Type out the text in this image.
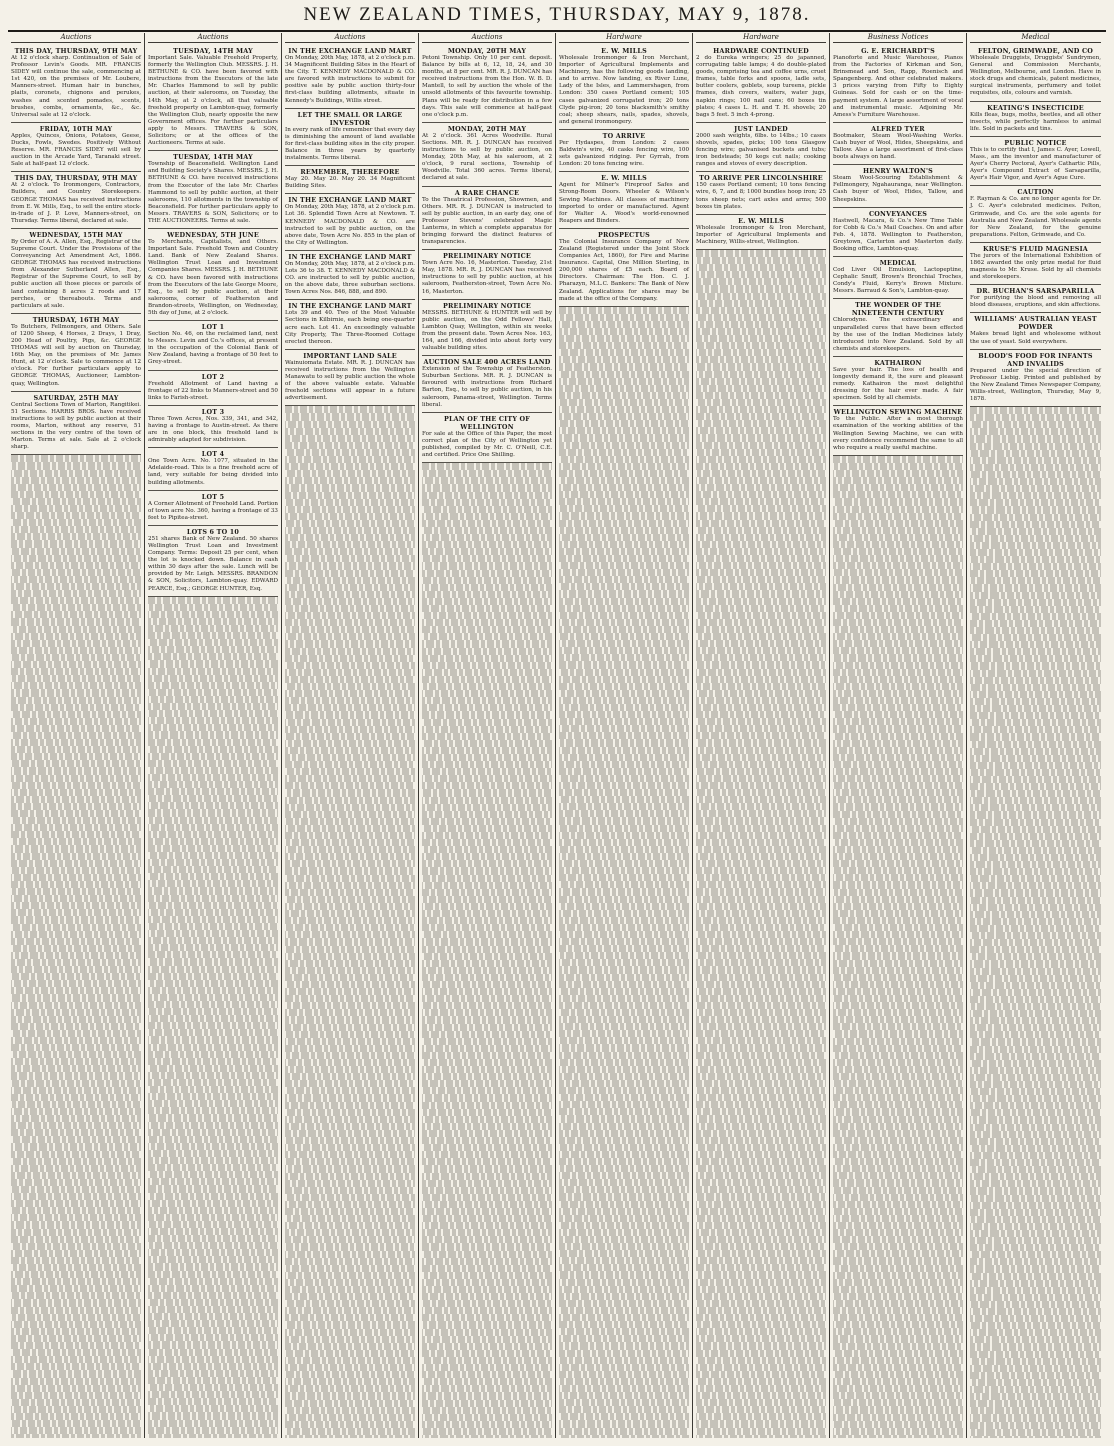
NEW ZEALAND TIMES, THURSDAY, MAY 9, 1878.
Auctions
THIS DAY, THURSDAY, 9TH MAY
At 12 o'clock sharp. Continuation of Sale of Professor Levin's Goods. MR. FRANCIS SIDEY will continue the sale, commencing at 1st 420, on the premises of Mr. Loubere, Manners-street. Human hair in bunches, plaits, coronets, chignons and perukes, washes and scented pomades, scents, brushes, combs, ornaments, &c., &c. Universal sale at 12 o'clock.
FRIDAY, 10TH MAY
Apples, Quinces, Onions, Potatoes, Geese, Ducks, Fowls, Swedes. Positively Without Reserve. MR. FRANCIS SIDEY will sell by auction in the Arcade Yard, Taranaki street. Sale at half-past 12 o'clock.
THIS DAY, THURSDAY, 9TH MAY
At 2 o'clock. To Ironmongers, Contractors, Builders, and Country Storekeepers. GEORGE THOMAS has received instructions from E. W. Mills, Esq., to sell the entire stock-in-trade of J. P. Love, Manners-street, on Thursday. Terms liberal, declared at sale.
WEDNESDAY, 15TH MAY
By Order of A. A. Allen, Esq., Registrar of the Supreme Court. Under the Provisions of the Conveyancing Act Amendment Act, 1866. GEORGE THOMAS has received instructions from Alexander Sutherland Allen, Esq., Registrar of the Supreme Court, to sell by public auction all those pieces or parcels of land containing 8 acres 2 roods and 17 perches, or thereabouts. Terms and particulars at sale.
THURSDAY, 16TH MAY
To Butchers, Fellmongers, and Others. Sale of 1200 Sheep, 4 Horses, 2 Drays, 1 Dray, 200 Head of Poultry, Pigs, &c. GEORGE THOMAS will sell by auction on Thursday, 16th May, on the premises of Mr. James Hunt, at 12 o'clock. Sale to commence at 12 o'clock. For further particulars apply to GEORGE THOMAS, Auctioneer, Lambton-quay, Wellington.
SATURDAY, 25TH MAY
Central Sections Town of Marton, Rangitikei. 51 Sections. HARRIS BROS. have received instructions to sell by public auction at their rooms, Marton, without any reserve, 51 sections in the very centre of the town of Marton. Terms at sale. Sale at 2 o'clock sharp.
Auctions
TUESDAY, 14TH MAY
Important Sale. Valuable Freehold Property, formerly the Wellington Club. MESSRS. J. H. BETHUNE & CO. have been favored with instructions from the Executors of the late Mr. Charles Hammond to sell by public auction, at their salerooms, on Tuesday, the 14th May, at 2 o'clock, all that valuable freehold property on Lambton-quay, formerly the Wellington Club, nearly opposite the new Government offices. For further particulars apply to Messrs. TRAVERS & SON, Solicitors; or at the offices of the Auctioneers. Terms at sale.
TUESDAY, 14TH MAY
Township of Beaconsfield. Wellington Land and Building Society's Shares. MESSRS. J. H. BETHUNE & CO. have received instructions from the Executor of the late Mr. Charles Hammond to sell by public auction, at their salerooms, 110 allotments in the township of Beaconsfield. For further particulars apply to Messrs. TRAVERS & SON, Solicitors; or to THE AUCTIONEERS. Terms at sale.
WEDNESDAY, 5TH JUNE
To Merchants, Capitalists, and Others. Important Sale. Freehold Town and Country Land. Bank of New Zealand Shares. Wellington Trust Loan and Investment Companies Shares. MESSRS. J. H. BETHUNE & CO. have been favored with instructions from the Executors of the late George Moore, Esq., to sell by public auction, at their salerooms, corner of Featherston and Brandon-streets, Wellington, on Wednesday, 5th day of June, at 2 o'clock.
LOT 1
Section No. 46, on the reclaimed land, next to Messrs. Levin and Co.'s offices, at present in the occupation of the Colonial Bank of New Zealand, having a frontage of 50 feet to Grey-street.
LOT 2
Freehold Allotment of Land having a frontage of 22 links to Manners-street and 50 links to Farish-street.
LOT 3
Three Town Acres, Nos. 339, 341, and 342, having a frontage to Austin-street. As there are in one block, this freehold land is admirably adapted for subdivision.
LOT 4
One Town Acre. No. 1077, situated in the Adelaide-road. This is a fine freehold acre of land, very suitable for being divided into building allotments.
LOT 5
A Corner Allotment of Freehold Land. Portion of town acre No. 360, having a frontage of 33 feet to Pipitea-street.
LOTS 6 TO 10
251 shares Bank of New Zealand. 50 shares Wellington Trust Loan and Investment Company. Terms: Deposit 25 per cent, when the lot is knocked down. Balance in cash within 30 days after the sale. Lunch will be provided by Mr. Leigh. MESSRS. BRANDON & SON, Solicitors, Lambton-quay. EDWARD PEARCE, Esq.; GEORGE HUNTER, Esq.
Auctions
IN THE EXCHANGE LAND MART
On Monday, 20th May, 1878, at 2 o'clock p.m. 34 Magnificent Building Sites in the Heart of the City. T. KENNEDY MACDONALD & CO. are favored with instructions to submit for positive sale by public auction thirty-four first-class building allotments, situate in Kennedy's Buildings, Willis street.
LET THE SMALL OR LARGE INVESTOR
In every rank of life remember that every day is diminishing the amount of land available for first-class building sites in the city proper. Balance in three years by quarterly instalments. Terms liberal.
REMEMBER, THEREFORE
May 20. May 20. May 20. 34 Magnificent Building Sites.
IN THE EXCHANGE LAND MART
On Monday, 20th May, 1878, at 2 o'clock p.m. Lot 36. Splendid Town Acre at Newtown. T. KENNEDY MACDONALD & CO. are instructed to sell by public auction, on the above date, Town Acre No. 855 in the plan of the City of Wellington.
IN THE EXCHANGE LAND MART
On Monday, 20th May, 1878, at 2 o'clock p.m. Lots 36 to 38. T. KENNEDY MACDONALD & CO. are instructed to sell by public auction, on the above date, three suburban sections. Town Acres Nos. 846, 888, and 890.
IN THE EXCHANGE LAND MART
Lots 39 and 40. Two of the Most Valuable Sections in Kilbirnie, each being one-quarter acre each. Lot 41. An exceedingly valuable City Property, The Three-Roomed Cottage erected thereon.
IMPORTANT LAND SALE
Wainuiomata Estate. MR. R. J. DUNCAN has received instructions from the Wellington Manawatu to sell by public auction the whole of the above valuable estate. Valuable freehold sections will appear in a future advertisement.
Auctions
MONDAY, 20TH MAY
Petoni Township. Only 10 per cent. deposit. Balance by bills at 6, 12, 18, 24, and 30 months, at 8 per cent. MR. R. J. DUNCAN has received instructions from the Hon. W. B. D. Mantell, to sell by auction the whole of the unsold allotments of this favourite township. Plans will be ready for distribution in a few days. This sale will commence at half-past one o'clock p.m.
MONDAY, 20TH MAY
At 2 o'clock. 361 Acres Woodville. Rural Sections. MR. R. J. DUNCAN has received instructions to sell by public auction, on Monday, 20th May, at his saleroom, at 2 o'clock, 9 rural sections, Township of Woodville. Total 360 acres. Terms liberal, declared at sale.
A RARE CHANCE
To the Theatrical Profession, Showmen, and Others. MR. R. J. DUNCAN is instructed to sell by public auction, in an early day, one of Professor Stevens' celebrated Magic Lanterns, in which a complete apparatus for bringing forward the distinct features of transparencies.
PRELIMINARY NOTICE
Town Acre No. 16, Masterton. Tuesday, 21st May, 1878. MR. R. J. DUNCAN has received instructions to sell by public auction, at his saleroom, Featherston-street, Town Acre No. 16, Masterton.
PRELIMINARY NOTICE
MESSRS. BETHUNE & HUNTER will sell by public auction, on the Odd Fellows' Hall, Lambton Quay, Wellington, within six weeks from the present date. Town Acres Nos. 163, 164, and 166, divided into about forty very valuable building sites.
AUCTION SALE 400 ACRES LAND
Extension of the Township of Featherston. Suburban Sections. MR. R. J. DUNCAN is favoured with instructions from Richard Barton, Esq., to sell by public auction, in his saleroom, Panama-street, Wellington. Terms liberal.
PLAN OF THE CITY OF WELLINGTON
For sale at the Office of this Paper, the most correct plan of the City of Wellington yet published, compiled by Mr. C. O'Neill, C.E. and certified. Price One Shilling.
Hardware
E. W. MILLS
Wholesale Ironmonger & Iron Merchant, Importer of Agricultural Implements and Machinery, has the following goods landing, and to arrive. Now landing, ex River Lune, Lady of the Isles, and Lammershagen, from London: 350 cases Portland cement; 105 cases galvanized corrugated iron; 20 tons Clyde pig-iron; 20 tons blacksmith's smithy coal; sheep shears, nails, spades, shovels, and general ironmongery.
TO ARRIVE
Per Hydaspes, from London: 2 cases Baldwin's wire, 40 casks fencing wire, 100 sets galvanized ridging. Per Gyrrah, from London: 20 tons fencing wire.
E. W. MILLS
Agent for Milner's Fireproof Safes and Strong-Room Doors. Wheeler & Wilson's Sewing Machines. All classes of machinery imported to order or manufactured. Agent for Walter A. Wood's world-renowned Reapers and Binders.
PROSPECTUS
The Colonial Insurance Company of New Zealand (Registered under the Joint Stock Companies Act, 1860), for Fire and Marine Insurance. Capital, One Million Sterling, in 200,000 shares of £5 each. Board of Directors. Chairman: The Hon. C. J. Pharazyn, M.L.C. Bankers: The Bank of New Zealand. Applications for shares may be made at the office of the Company.
Hardware
HARDWARE CONTINUED
2 do Eureka wringers; 25 do japanned, corrugating table lamps; 4 do double-plated goods, comprising tea and coffee urns, cruet frames, table forks and spoons, ladle sets, butter coolers, goblets, soup tureens, pickle frames, dish covers, waiters, water jugs, napkin rings; 100 nail cans; 60 boxes tin plates; 4 cases L. H. and T. H. shovels; 20 bags 5 feet. 5 inch 4-prong.
JUST LANDED
2000 sash weights, 6lbs. to 14lbs.; 10 cases shovels, spades, picks; 100 tons Glasgow fencing wire; galvanised buckets and tubs; iron bedsteads; 50 kegs cut nails; cooking ranges and stoves of every description.
TO ARRIVE PER LINCOLNSHIRE
150 cases Portland cement; 10 tons fencing wire, 6, 7, and 8; 1000 bundles hoop iron; 25 tons sheep nets; cart axles and arms; 500 boxes tin plates.
E. W. MILLS
Wholesale Ironmonger & Iron Merchant, Importer of Agricultural Implements and Machinery, Willis-street, Wellington.
Business Notices
G. E. ERICHARDT'S
Pianoforte and Music Warehouse, Pianos from the Factories of Kirkman and Son, Brinsmead and Son, Rapp, Roenisch and Spangenberg. And other celebrated makers. 3 prices varying from Fifty to Eighty Guineas. Sold for cash or on the time-payment system. A large assortment of vocal and instrumental music. Adjoining Mr. Amess's Furniture Warehouse.
ALFRED TYER
Bootmaker, Steam Wool-Washing Works. Cash buyer of Wool, Hides, Sheepskins, and Tallow. Also a large assortment of first-class boots always on hand.
HENRY WALTON'S
Steam Wool-Scouring Establishment & Fellmongery, Ngahauranga, near Wellington. Cash buyer of Wool, Hides, Tallow, and Sheepskins.
CONVEYANCES
Hastwell, Macara, & Co.'s New Time Table for Cobb & Co.'s Mail Coaches. On and after Feb. 4, 1878. Wellington to Featherston, Greytown, Carterton and Masterton daily. Booking office, Lambton-quay.
MEDICAL
Cod Liver Oil Emulsion, Lactopeptine, Cephalic Snuff, Brown's Bronchial Troches, Condy's Fluid, Kerry's Brown Mixture. Messrs. Barraud & Son's, Lambton-quay.
THE WONDER OF THE NINETEENTH CENTURY
Chlorodyne. The extraordinary and unparalleled cures that have been effected by the use of the Indian Medicines lately introduced into New Zealand. Sold by all chemists and storekeepers.
KATHAIRON
Save your hair. The loss of health and longevity demand it, the sure and pleasant remedy. Kathairon the most delightful dressing for the hair ever made. A fair specimen. Sold by all chemists.
WELLINGTON SEWING MACHINE
To the Public. After a most thorough examination of the working abilities of the Wellington Sewing Machine, we can with every confidence recommend the same to all who require a really useful machine.
Medical
FELTON, GRIMWADE, AND CO
Wholesale Druggists, Druggists' Sundrymen, General and Commission Merchants, Wellington, Melbourne, and London. Have in stock drugs and chemicals, patent medicines, surgical instruments, perfumery and toilet requisites, oils, colours and varnish.
KEATING'S INSECTICIDE
Kills fleas, bugs, moths, beetles, and all other insects, while perfectly harmless to animal life. Sold in packets and tins.
PUBLIC NOTICE
This is to certify that I, James C. Ayer, Lowell, Mass., am the inventor and manufacturer of Ayer's Cherry Pectoral, Ayer's Cathartic Pills, Ayer's Compound Extract of Sarsaparilla, Ayer's Hair Vigor, and Ayer's Ague Cure.
CAUTION
F. Rayman & Co. are no longer agents for Dr. J. C. Ayer's celebrated medicines. Felton, Grimwade, and Co. are the sole agents for Australia and New Zealand. Wholesale agents for New Zealand, for the genuine preparations. Felton, Grimwade, and Co.
KRUSE'S FLUID MAGNESIA
The jurors of the International Exhibition of 1862 awarded the only prize medal for fluid magnesia to Mr. Kruse. Sold by all chemists and storekeepers.
DR. BUCHAN'S SARSAPARILLA
For purifying the blood and removing all blood diseases, eruptions, and skin affections.
WILLIAMS' AUSTRALIAN YEAST POWDER
Makes bread light and wholesome without the use of yeast. Sold everywhere.
BLOOD'S FOOD FOR INFANTS AND INVALIDS
Prepared under the special direction of Professor Liebig. Printed and published by the New Zealand Times Newspaper Company, Willis-street, Wellington, Thursday, May 9, 1878.
